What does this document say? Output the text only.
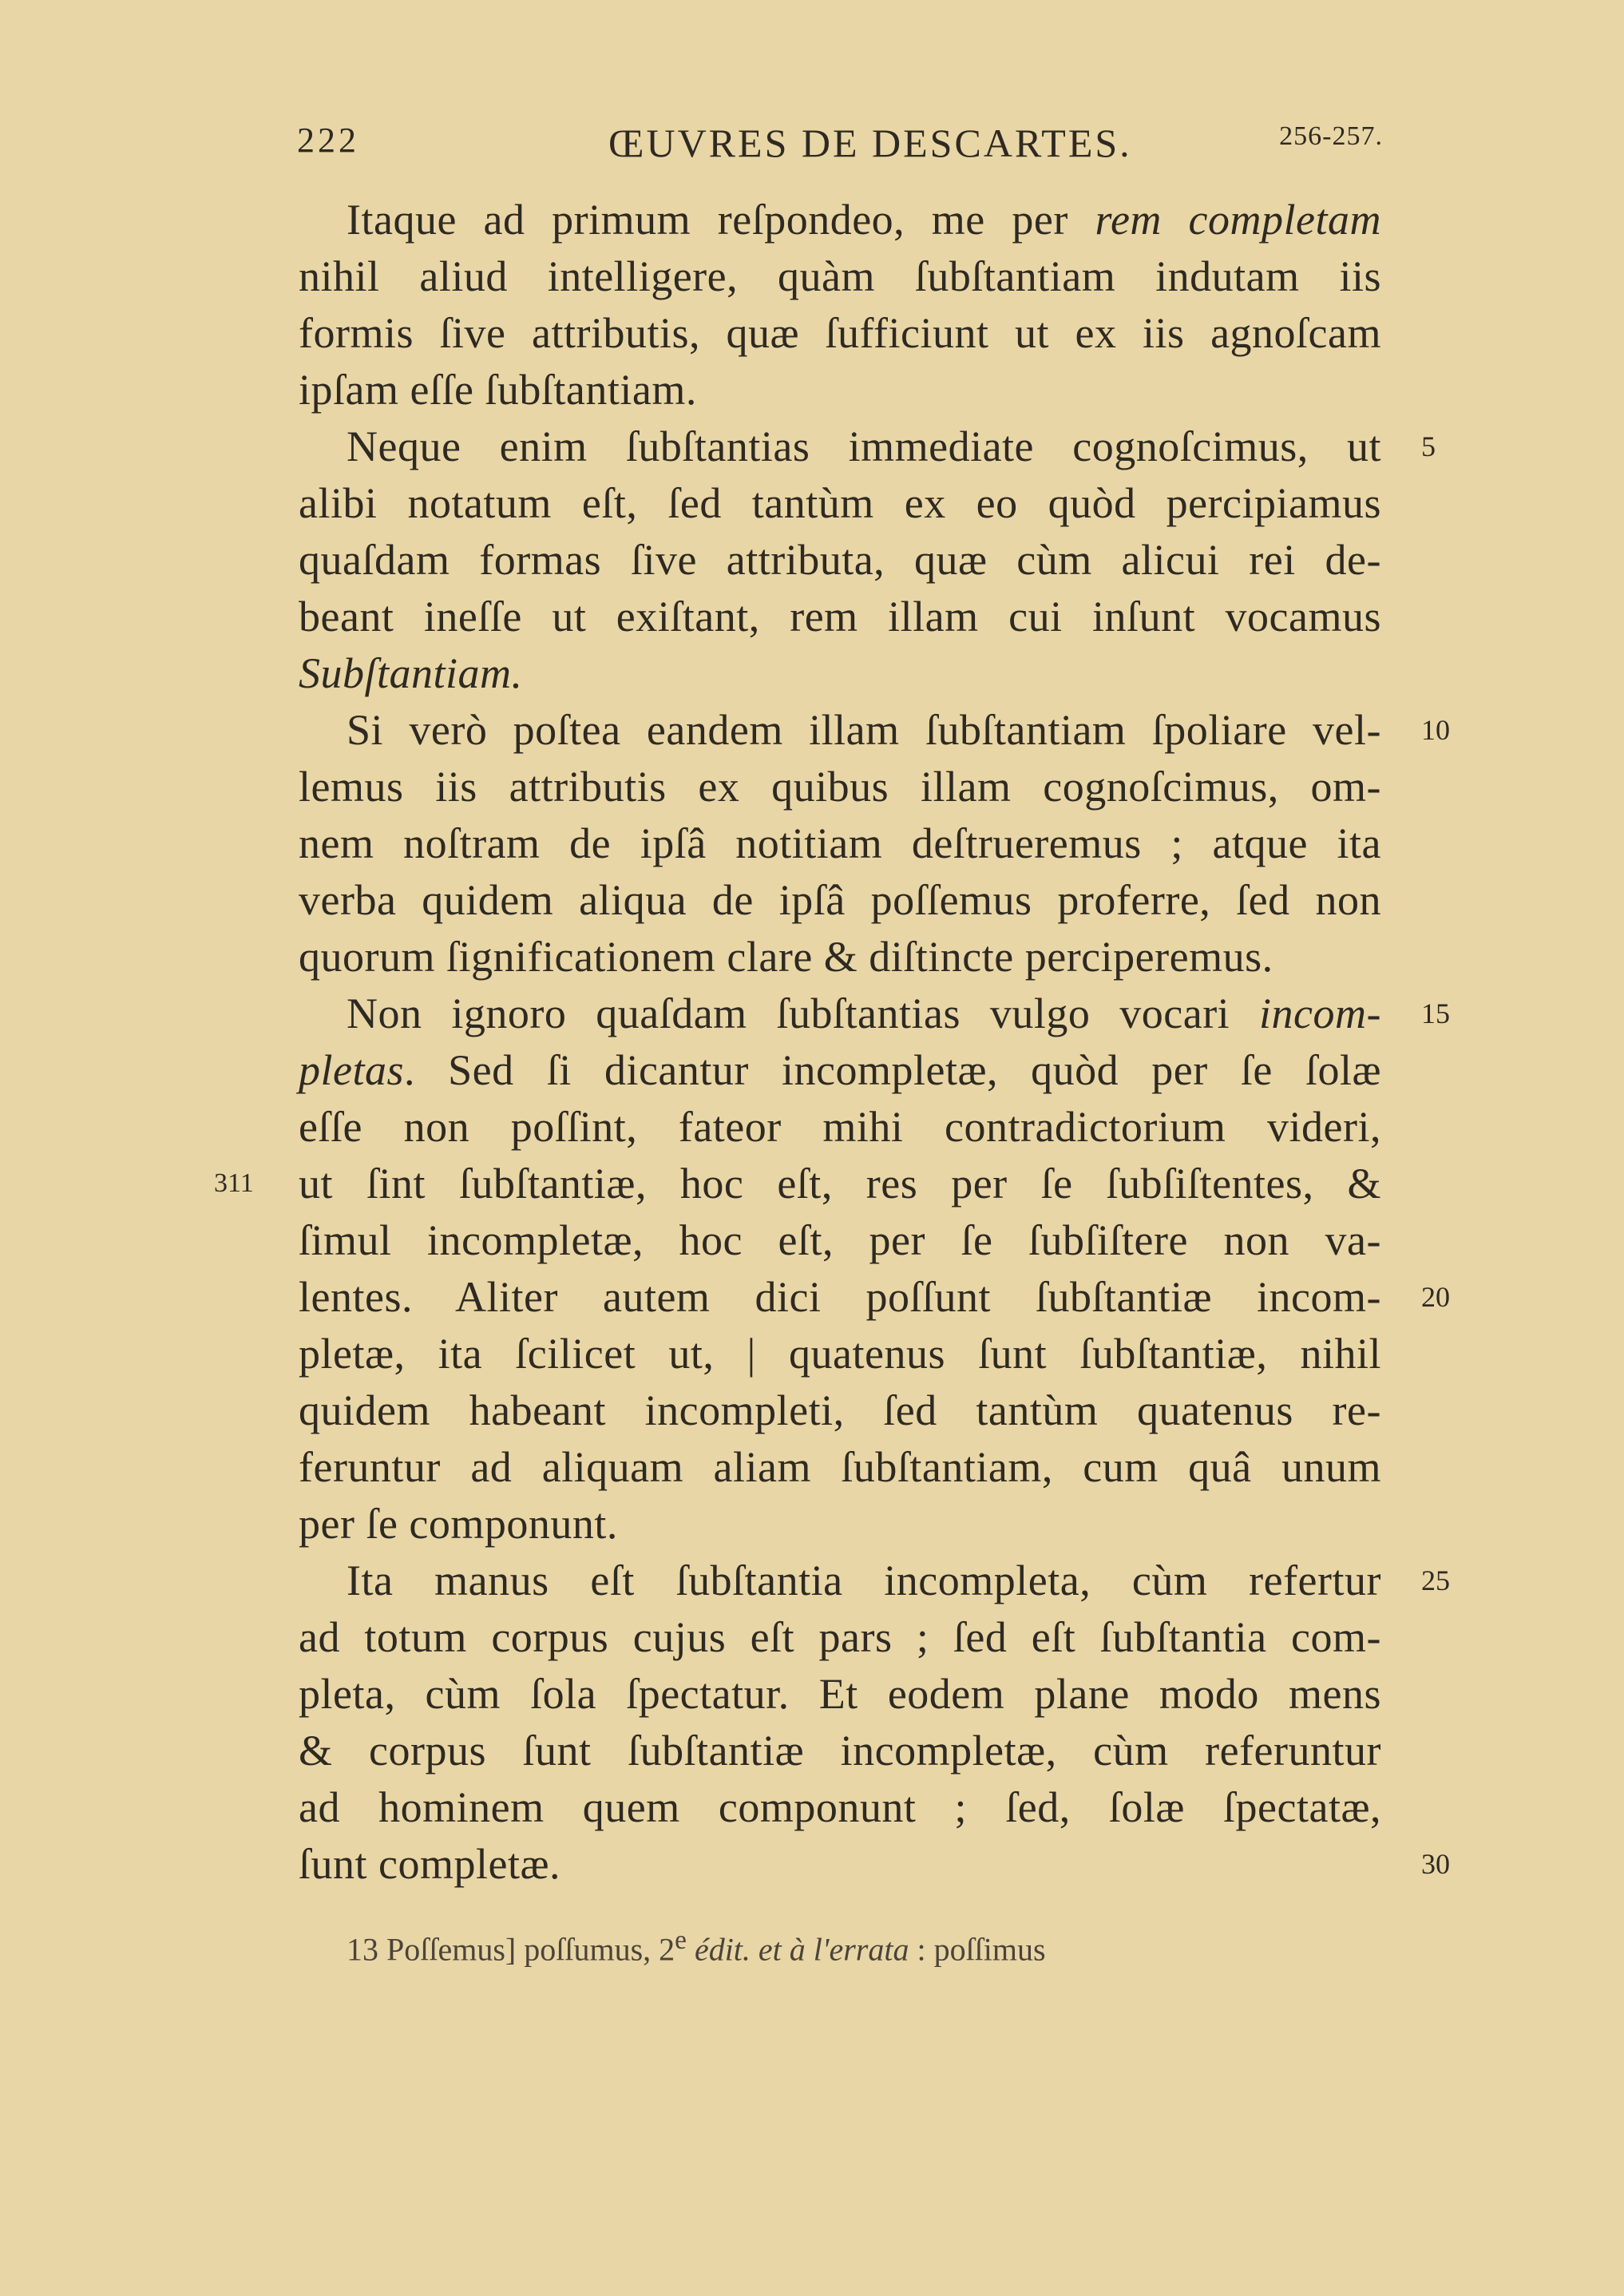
222	ŒUVRES DE DESCARTES.	256-257.
Itaque ad primum reſpondeo, me per rem completam
nihil aliud intelligere, quàm ſubſtantiam indutam iis
formis ſive attributis, quæ ſufficiunt ut ex iis agnoſcam
ipſam eſſe ſubſtantiam.
Neque enim ſubſtantias immediate cognoſcimus, ut
alibi notatum eſt, ſed tantùm ex eo quòd percipiamus
quaſdam formas ſive attributa, quæ cùm alicui rei de-
beant ineſſe ut exiſtant, rem illam cui inſunt vocamus
Subſtantiam.
Si verò poſtea eandem illam ſubſtantiam ſpoliare vel-
lemus iis attributis ex quibus illam cognoſcimus, om-
nem noſtram de ipſâ notitiam deſtrueremus ; atque ita
verba quidem aliqua de ipſâ poſſemus proferre, ſed non
quorum ſignificationem clare & diſtincte perciperemus.
Non ignoro quaſdam ſubſtantias vulgo vocari incom-
pletas. Sed ſi dicantur incompletæ, quòd per ſe ſolæ
eſſe non poſſint, fateor mihi contradictorium videri,
ut ſint ſubſtantiæ, hoc eſt, res per ſe ſubſiſtentes, &
ſimul incompletæ, hoc eſt, per ſe ſubſiſtere non va-
lentes. Aliter autem dici poſſunt ſubſtantiæ incom-
pletæ, ita ſcilicet ut, | quatenus ſunt ſubſtantiæ, nihil
quidem habeant incompleti, ſed tantùm quatenus re-
feruntur ad aliquam aliam ſubſtantiam, cum quâ unum
per ſe componunt.
Ita manus eſt ſubſtantia incompleta, cùm refertur
ad totum corpus cujus eſt pars ; ſed eſt ſubſtantia com-
pleta, cùm ſola ſpectatur. Et eodem plane modo mens
& corpus ſunt ſubſtantiæ incompletæ, cùm referuntur
ad hominem quem componunt ; ſed, ſolæ ſpectatæ,
ſunt completæ.
5
10
15
20
25
30
311
13 Poſſemus] poſſumus, 2e édit. et à l'errata : poſſimus
